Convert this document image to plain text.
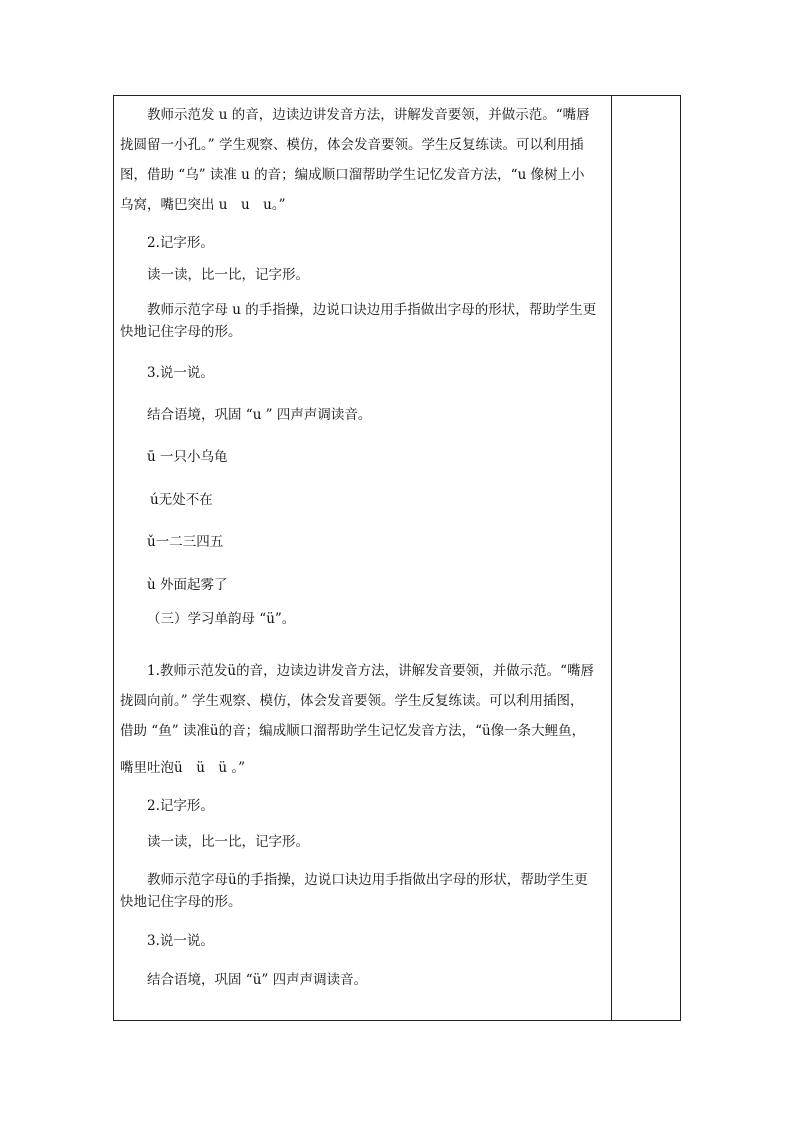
教师示范发 u 的音，边读边讲发音方法，讲解发音要领，并做示范。“嘴唇
拢圆留一小孔。” 学生观察、模仿，体会发音要领。学生反复练读。可以利用插
图，借助 “乌” 读准 u 的音；编成顺口溜帮助学生记忆发音方法，“u 像树上小
乌窝，嘴巴突出 u　u　u。”
2.记字形。
读一读，比一比，记字形。
教师示范字母 u 的手指操，边说口诀边用手指做出字母的形状，帮助学生更
快地记住字母的形。
3.说一说。
结合语境，巩固 “u ” 四声声调读音。
ū 一只小乌龟
ú无处不在
ǔ一二三四五
ù 外面起雾了
（三）学习单韵母 “ü”。
1.教师示范发ü的音，边读边讲发音方法，讲解发音要领，并做示范。“嘴唇
拢圆向前。” 学生观察、模仿，体会发音要领。学生反复练读。可以利用插图，
借助 “鱼” 读准ü的音；编成顺口溜帮助学生记忆发音方法，“ü像一条大鲤鱼，
嘴里吐泡ü　ü　ü 。”
2.记字形。
读一读，比一比，记字形。
教师示范字母ü的手指操，边说口诀边用手指做出字母的形状，帮助学生更
快地记住字母的形。
3.说一说。
结合语境，巩固 “ü” 四声声调读音。
